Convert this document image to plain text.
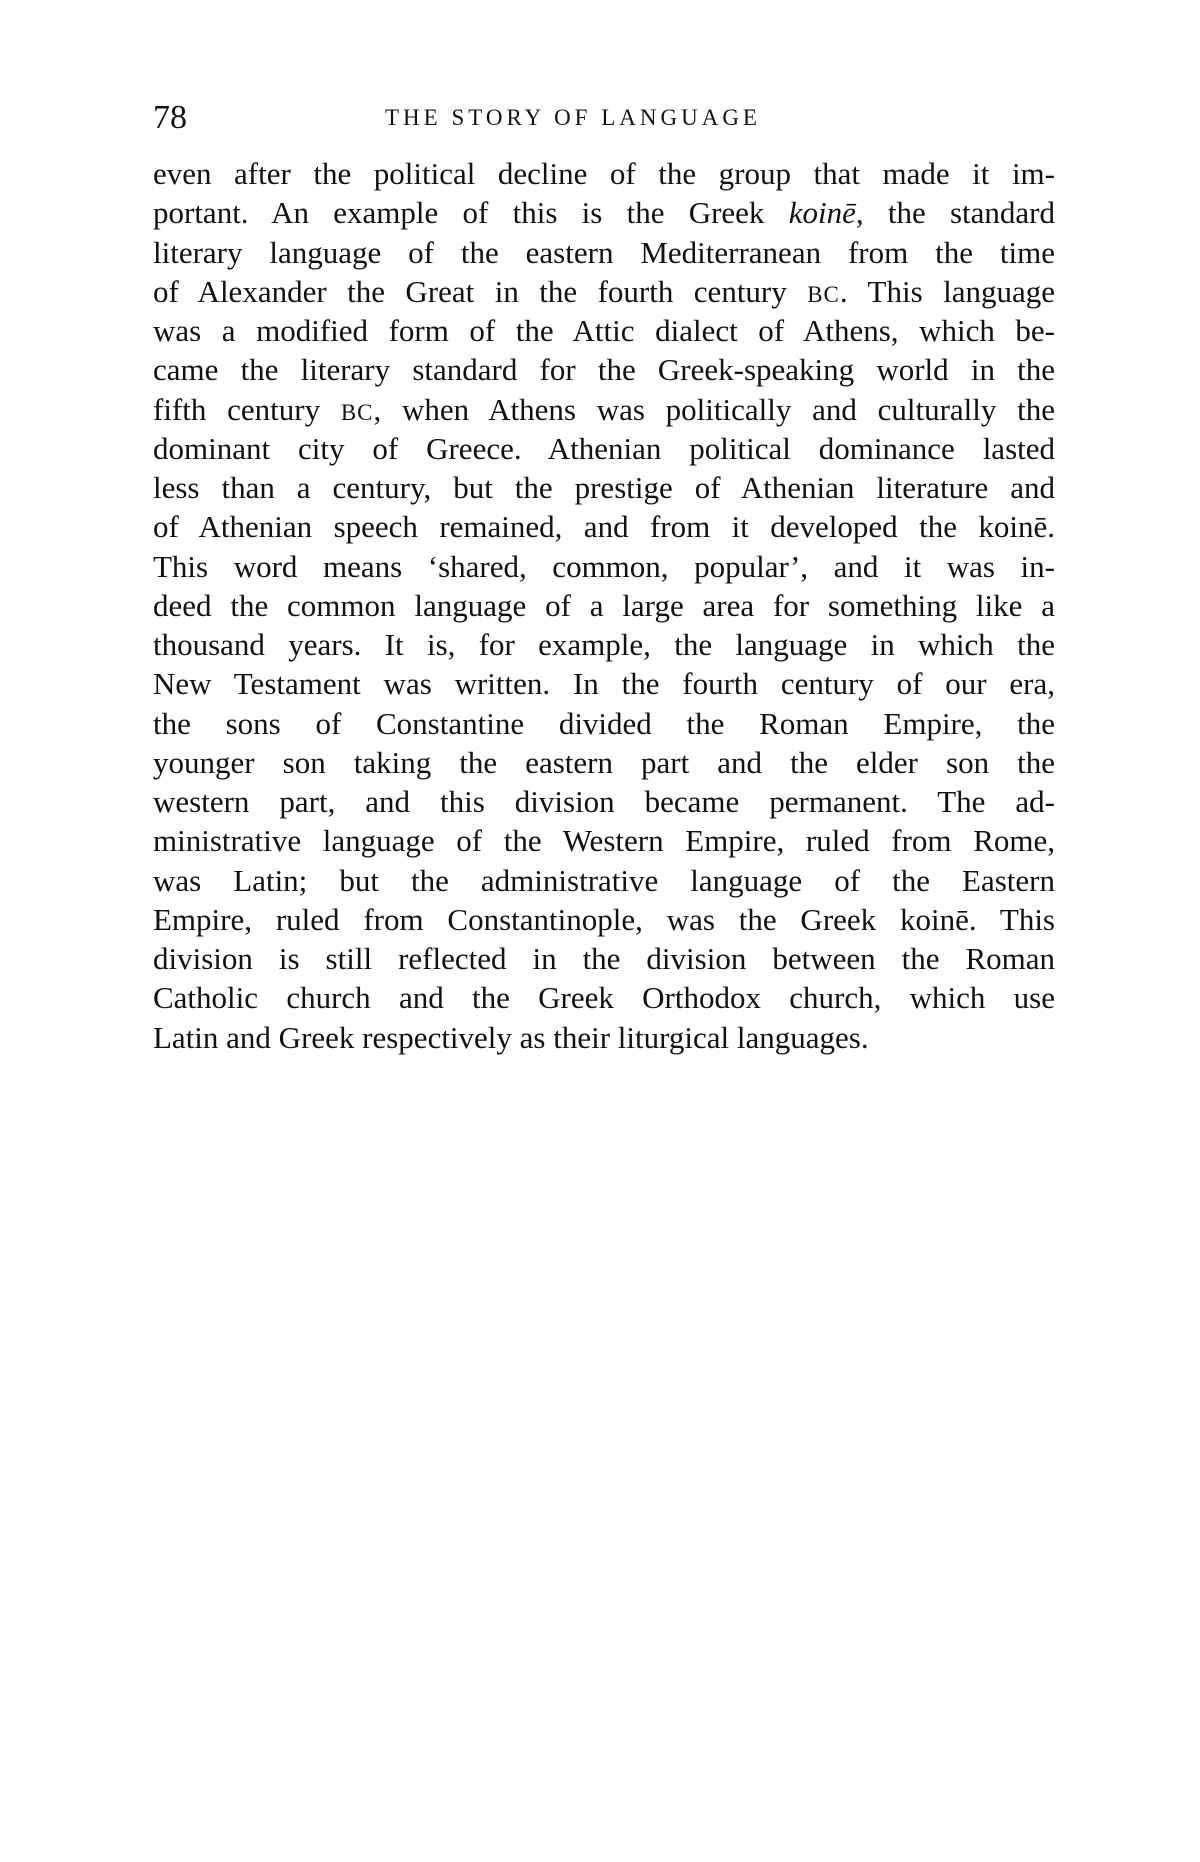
78	THE STORY OF LANGUAGE
even after the political decline of the group that made it im-
portant. An example of this is the Greek koinē, the standard
literary language of the eastern Mediterranean from the time
of Alexander the Great in the fourth century BC. This language
was a modified form of the Attic dialect of Athens, which be-
came the literary standard for the Greek-speaking world in the
fifth century BC, when Athens was politically and culturally the
dominant city of Greece. Athenian political dominance lasted
less than a century, but the prestige of Athenian literature and
of Athenian speech remained, and from it developed the koinē.
This word means ‘shared, common, popular’, and it was in-
deed the common language of a large area for something like a
thousand years. It is, for example, the language in which the
New Testament was written. In the fourth century of our era,
the sons of Constantine divided the Roman Empire, the
younger son taking the eastern part and the elder son the
western part, and this division became permanent. The ad-
ministrative language of the Western Empire, ruled from Rome,
was Latin; but the administrative language of the Eastern
Empire, ruled from Constantinople, was the Greek koinē. This
division is still reflected in the division between the Roman
Catholic church and the Greek Orthodox church, which use
Latin and Greek respectively as their liturgical languages.
